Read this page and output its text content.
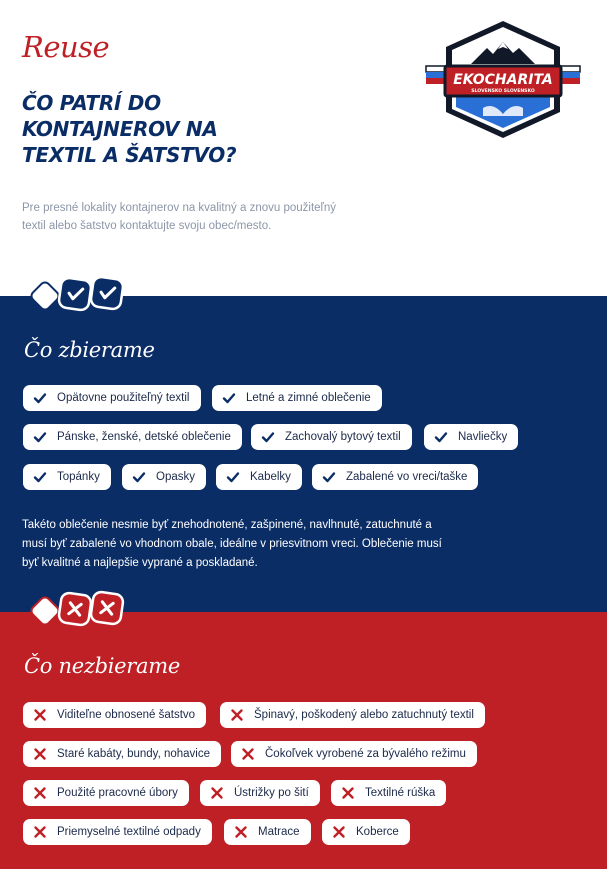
Reuse
ČO PATRÍ DO
KONTAJNEROV NA
TEXTIL A ŠATSTVO?
Pre presné lokality kontajnerov na kvalitný a znovu použiteľný
textil alebo šatstvo kontaktujte svoju obec/mesto.
EKOCHARITA
SLOVENSKO SLOVENSKO
Čo zbierame
Opätovne použiteľný textil	Letné a zimné oblečenie
Pánske, ženské, detské oblečenie	Zachovalý bytový textil	Navliečky
Topánky	Opasky	Kabelky	Zabalené vo vreci/taške
Takéto oblečenie nesmie byť znehodnotené, zašpinené, navlhnuté, zatuchnuté a
musí byť zabalené vo vhodnom obale, ideálne v priesvitnom vreci. Oblečenie musí
byť kvalitné a najlepšie vyprané a poskladané.
Čo nezbierame
Viditeľne obnosené šatstvo	Špinavý, poškodený alebo zatuchnutý textil
Staré kabáty, bundy, nohavice	Čokoľvek vyrobené za bývalého režimu
Použité pracovné úbory	Ústrižky po šití	Textilné rúška
Priemyselné textilné odpady	Matrace	Koberce
